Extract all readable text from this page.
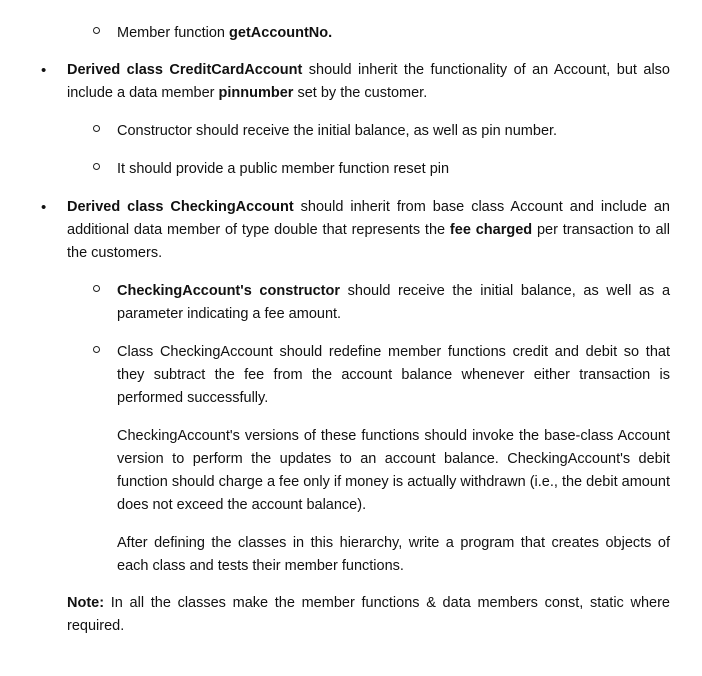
Member function getAccountNo.
• Derived class CreditCardAccount should inherit the functionality of an Account, but also include a data member pinnumber set by the customer.
Constructor should receive the initial balance, as well as pin number.
It should provide a public member function reset pin
• Derived class CheckingAccount should inherit from base class Account and include an additional data member of type double that represents the fee charged per transaction to all the customers.
CheckingAccount's constructor should receive the initial balance, as well as a parameter indicating a fee amount.
Class CheckingAccount should redefine member functions credit and debit so that they subtract the fee from the account balance whenever either transaction is performed successfully.
CheckingAccount's versions of these functions should invoke the base-class Account version to perform the updates to an account balance. CheckingAccount's debit function should charge a fee only if money is actually withdrawn (i.e., the debit amount does not exceed the account balance).
After defining the classes in this hierarchy, write a program that creates objects of each class and tests their member functions.
Note: In all the classes make the member functions & data members const, static where required.
